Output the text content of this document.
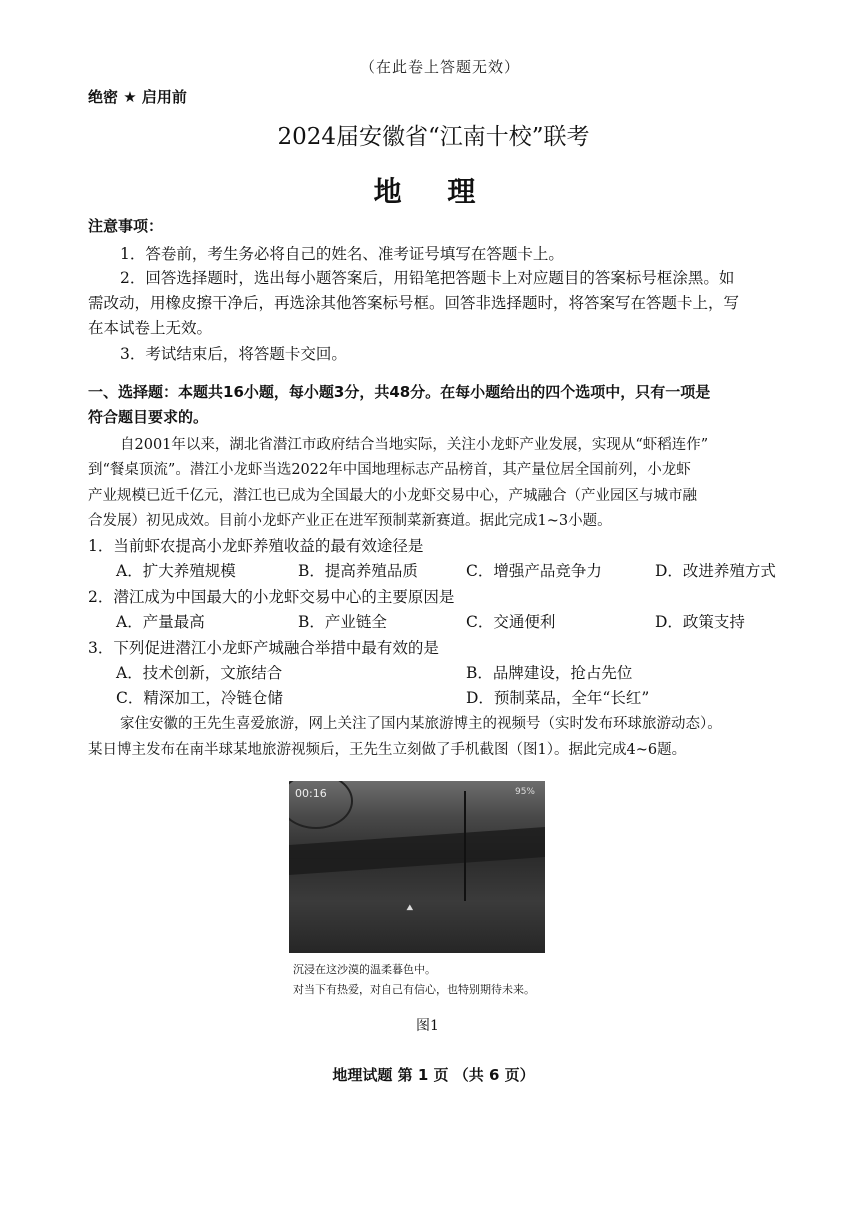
（在此卷上答题无效）
绝密 ★ 启用前
2024届安徽省“江南十校”联考
地 理
注意事项：
1．答卷前，考生务必将自己的姓名、准考证号填写在答题卡上。
2．回答选择题时，选出每小题答案后，用铅笔把答题卡上对应题目的答案标号框涂黑。如
需改动，用橡皮擦干净后，再选涂其他答案标号框。回答非选择题时，将答案写在答题卡上，写
在本试卷上无效。
3．考试结束后，将答题卡交回。
一、选择题：本题共16小题，每小题3分，共48分。在每小题给出的四个选项中，只有一项是
符合题目要求的。
自2001年以来，湖北省潜江市政府结合当地实际，关注小龙虾产业发展，实现从“虾稻连作”
到“餐桌顶流”。潜江小龙虾当选2022年中国地理标志产品榜首，其产量位居全国前列，小龙虾
产业规模已近千亿元，潜江也已成为全国最大的小龙虾交易中心，产城融合（产业园区与城市融
合发展）初见成效。目前小龙虾产业正在进军预制菜新赛道。据此完成1~3小题。
1．当前虾农提高小龙虾养殖收益的最有效途径是
A．扩大养殖规模	B．提高养殖品质	C．增强产品竞争力	D．改进养殖方式
2．潜江成为中国最大的小龙虾交易中心的主要原因是
A．产量最高	B．产业链全	C．交通便利	D．政策支持
3．下列促进潜江小龙虾产城融合举措中最有效的是
A．技术创新，文旅结合	B．品牌建设，抢占先位
C．精深加工，冷链仓储	D．预制菜品，全年“长红”
家住安徽的王先生喜爱旅游，网上关注了国内某旅游博主的视频号（实时发布环球旅游动态）。
某日博主发布在南半球某地旅游视频后，王先生立刻做了手机截图（图1）。据此完成4~6题。
00:16	95%
⯅
沉浸在这沙漠的温柔暮色中。
对当下有热爱，对自己有信心，也特别期待未来。
图1
地理试题 第 1 页 （共 6 页）
